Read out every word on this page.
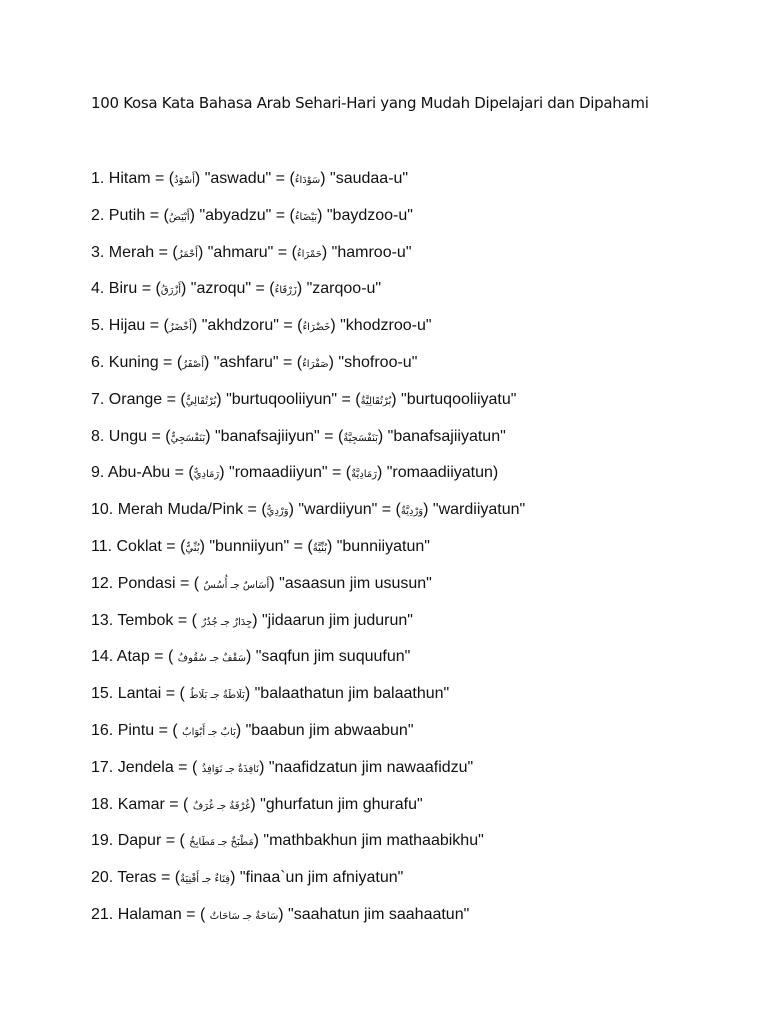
100 Kosa Kata Bahasa Arab Sehari-Hari yang Mudah Dipelajari dan Dipahami
1. Hitam = (أَسْوَدُ) "aswadu" = (سَوْدَاءُ) "saudaa-u"
2. Putih = (أَبْيَضُ) "abyadzu" = (بَيْضَاءُ) "baydzoo-u"
3. Merah = (أَحْمَرُ) "ahmaru" = (حَمْرَاءُ) "hamroo-u"
4. Biru = (أَزْرَقُ) "azroqu" = (زَرْقَاءُ) "zarqoo-u"
5. Hijau = (أَخْضَرُ) "akhdzoru" = (خَضْرَاءُ) "khodzroo-u"
6. Kuning = (أَصْفَرُ) "ashfaru" = (صَفْرَاءُ) "shofroo-u"
7. Orange = (بُرْتُقَالِيٌّ) "burtuqooliiyun" = (بُرْتُقَالِيَّةٌ) "burtuqooliiyatu"
8. Ungu = (بَنَفْسَجِيٌّ) "banafsajiiyun" = (بَنَفْسَجِيَّةٌ) "banafsajiiyatun"
9. Abu-Abu = (رَمَادِيٌّ) "romaadiiyun" = (رَمَادِيَّةٌ) "romaadiiyatun)
10. Merah Muda/Pink = (وَرْدِيٌّ) "wardiiyun" = (وَرْدِيَّةٌ) "wardiiyatun"
11. Coklat = (بُنِّيٌّ) "bunniiyun" = (بُنِّيَّةٌ) "bunniiyatun"
12. Pondasi = ( أَسَاسٌ جـ أُسُسٌ) "asaasun jim ususun"
13. Tembok = ( جِدَارٌ جـ جُدُرٌ) "jidaarun jim judurun"
14. Atap = ( سَقْفٌ جـ سُقُوفٌ) "saqfun jim suquufun"
15. Lantai = ( بَلَاطَةٌ جـ بَلَاطٌ) "balaathatun jim balaathun"
16. Pintu = ( بَابٌ جـ أَبْوَابٌ) "baabun jim abwaabun"
17. Jendela = ( نَافِذَةٌ جـ نَوَافِذُ) "naafidzatun jim nawaafidzu"
18. Kamar = ( غُرْفَةٌ جـ غُرَفٌ) "ghurfatun jim ghurafu"
19. Dapur = ( مَطْبَخٌ جـ مَطَابِخُ) "mathbakhun jim mathaabikhu"
20. Teras = (فِنَاءٌ جـ أَفْنِيَةٌ) "finaa`un jim afniyatun"
21. Halaman = ( سَاحَةٌ جـ سَاحَاتٌ) "saahatun jim saahaatun"
